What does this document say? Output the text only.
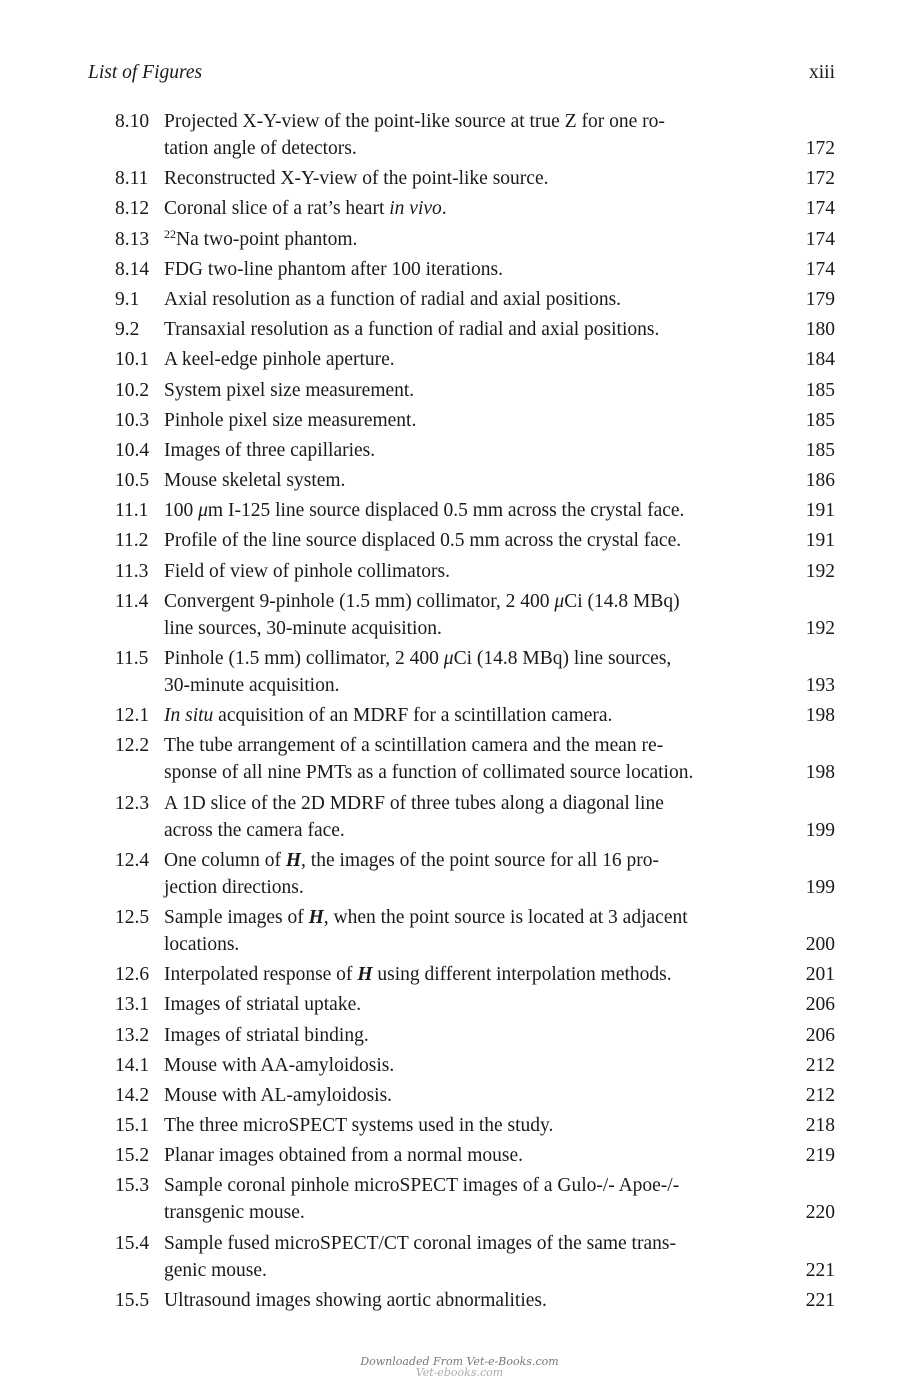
List of Figures	xiii
8.10 Projected X-Y-view of the point-like source at true Z for one ro-
tation angle of detectors.	172
8.11 Reconstructed X-Y-view of the point-like source.	172
8.12 Coronal slice of a rat’s heart in vivo.	174
8.13	$^{22}$Na two-point phantom.	174
8.14 FDG two-line phantom after 100 iterations.	174
9.1	Axial resolution as a function of radial and axial positions.	179
9.2	Transaxial resolution as a function of radial and axial positions.	180
10.1 A keel-edge pinhole aperture.	184
10.2 System pixel size measurement.	185
10.3 Pinhole pixel size measurement.	185
10.4 Images of three capillaries.	185
10.5 Mouse skeletal system.	186
11.1 100 μm I-125 line source displaced 0.5 mm across the crystal face.	191
11.2 Profile of the line source displaced 0.5 mm across the crystal face.	191
11.3 Field of view of pinhole collimators.	192
11.4 Convergent 9-pinhole (1.5 mm) collimator, 2 400 μCi (14.8 MBq)
line sources, 30-minute acquisition.	192
11.5 Pinhole (1.5 mm) collimator, 2 400 μCi (14.8 MBq) line sources,
30-minute acquisition.	193
12.1 In situ acquisition of an MDRF for a scintillation camera.	198
12.2 The tube arrangement of a scintillation camera and the mean re-
sponse of all nine PMTs as a function of collimated source location.	198
12.3 A 1D slice of the 2D MDRF of three tubes along a diagonal line
across the camera face.	199
12.4 One column of H, the images of the point source for all 16 pro-
jection directions.	199
12.5 Sample images of H, when the point source is located at 3 adjacent
locations.	200
12.6 Interpolated response of H using different interpolation methods.	201
13.1 Images of striatal uptake.	206
13.2 Images of striatal binding.	206
14.1 Mouse with AA-amyloidosis.	212
14.2 Mouse with AL-amyloidosis.	212
15.1 The three microSPECT systems used in the study.	218
15.2 Planar images obtained from a normal mouse.	219
15.3 Sample coronal pinhole microSPECT images of a Gulo-/- Apoe-/-
transgenic mouse.	220
15.4 Sample fused microSPECT/CT coronal images of the same trans-
genic mouse.	221
15.5 Ultrasound images showing aortic abnormalities.	221
Downloaded From Vet-e-Books.com
Vet-ebooks.com
